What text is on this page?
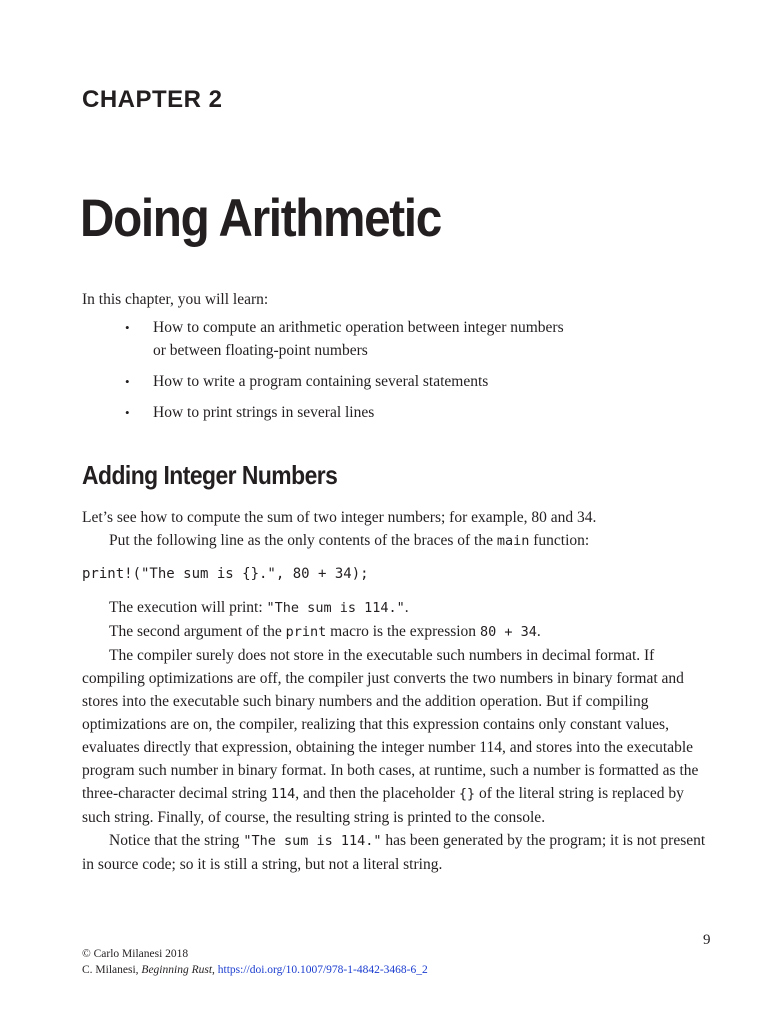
CHAPTER 2
Doing Arithmetic

In this chapter, you will learn:

• How to compute an arithmetic operation between integer numbers
or between floating-point numbers
• How to write a program containing several statements
• How to print strings in several lines
Adding Integer Numbers

Let’s see how to compute the sum of two integer numbers; for example, 80 and 34.

Put the following line as the only contents of the braces of the main function:

print!("The sum is {}.", 80 + 34);

The execution will print: "The sum is 114.".

The second argument of the print macro is the expression 80 + 34.

The compiler surely does not store in the executable such numbers in decimal format. If compiling optimizations are off, the compiler just converts the two numbers in binary format and stores into the executable such binary numbers and the addition operation. But if compiling optimizations are on, the compiler, realizing that this expression contains only constant values, evaluates directly that expression, obtaining the integer number 114, and stores into the executable program such number in binary format. In both cases, at runtime, such a number is formatted as the three-character decimal string 114, and then the placeholder {} of the literal string is replaced by such string. Finally, of course, the resulting string is printed to the console.

Notice that the string "The sum is 114." has been generated by the program; it is not present in source code; so it is still a string, but not a literal string.

9
© Carlo Milanesi 2018
C. Milanesi, Beginning Rust, https://doi.org/10.1007/978-1-4842-3468-6_2
